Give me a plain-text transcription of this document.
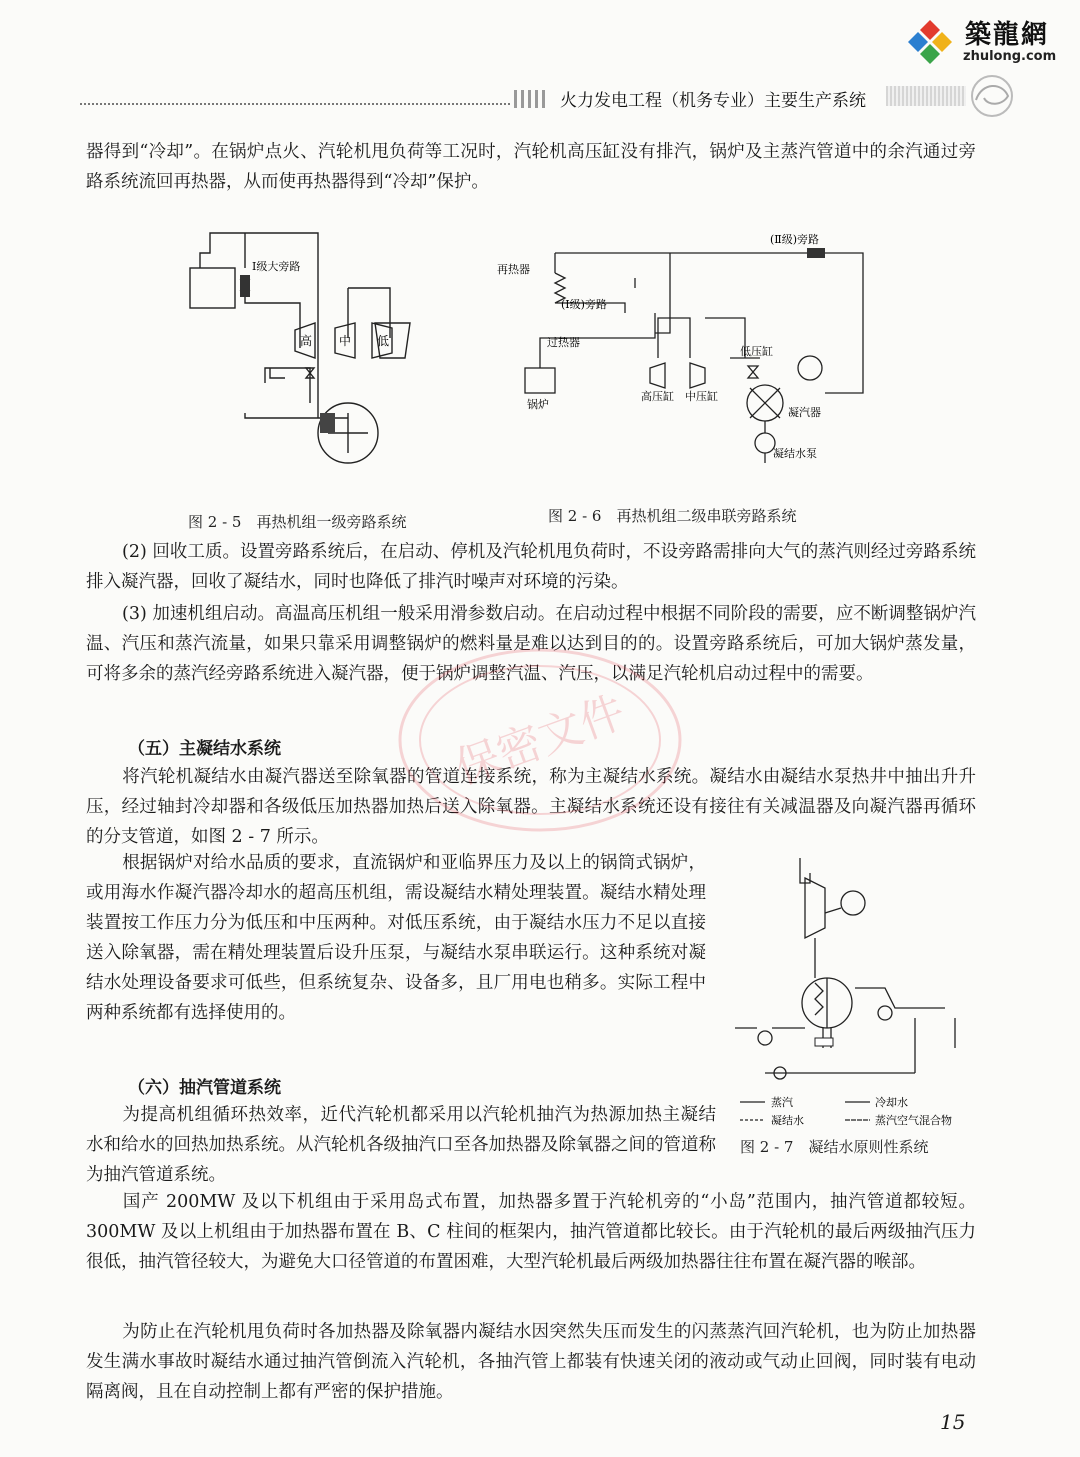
築龍網
zhulong.com
火力发电工程（机务专业）主要生产系统
器得到“冷却”。在锅炉点火、汽轮机甩负荷等工况时，汽轮机高压缸没有排汽，锅炉及主蒸汽管道中的余汽通过旁路系统流回再热器，从而使再热器得到“冷却”保护。
Ⅰ级大旁路
高 中 低
图 2 - 5　再热机组一级旁路系统
(Ⅱ级)旁路
再热器
(Ⅰ级)旁路
过热器
锅炉
高压缸 中压缸
低压缸
凝汽器
凝结水泵
图 2 - 6　再热机组二级串联旁路系统
(2) 回收工质。设置旁路系统后，在启动、停机及汽轮机甩负荷时，不设旁路需排向大气的蒸汽则经过旁路系统排入凝汽器，回收了凝结水，同时也降低了排汽时噪声对环境的污染。
(3) 加速机组启动。高温高压机组一般采用滑参数启动。在启动过程中根据不同阶段的需要，应不断调整锅炉汽温、汽压和蒸汽流量，如果只靠采用调整锅炉的燃料量是难以达到目的的。设置旁路系统后，可加大锅炉蒸发量，可将多余的蒸汽经旁路系统进入凝汽器，便于锅炉调整汽温、汽压，以满足汽轮机启动过程中的需要。
（五）主凝结水系统
将汽轮机凝结水由凝汽器送至除氧器的管道连接系统，称为主凝结水系统。凝结水由凝结水泵热井中抽出升升压，经过轴封冷却器和各级低压加热器加热后送入除氧器。主凝结水系统还设有接往有关减温器及向凝汽器再循环的分支管道，如图 2 - 7 所示。
根据锅炉对给水品质的要求，直流锅炉和亚临界压力及以上的锅筒式锅炉，或用海水作凝汽器冷却水的超高压机组，需设凝结水精处理装置。凝结水精处理装置按工作压力分为低压和中压两种。对低压系统，由于凝结水压力不足以直接送入除氧器，需在精处理装置后设升压泵，与凝结水泵串联运行。这种系统对凝结水处理设备要求可低些，但系统复杂、设备多，且厂用电也稍多。实际工程中两种系统都有选择使用的。
蒸汽
凝结水
冷却水
蒸汽空气混合物
图 2 - 7　凝结水原则性系统
（六）抽汽管道系统
为提高机组循环热效率，近代汽轮机都采用以汽轮机抽汽为热源加热主凝结水和给水的回热加热系统。从汽轮机各级抽汽口至各加热器及除氧器之间的管道称为抽汽管道系统。
国产 200MW 及以下机组由于采用岛式布置，加热器多置于汽轮机旁的“小岛”范围内，抽汽管道都较短。300MW 及以上机组由于加热器布置在 B、C 柱间的框架内，抽汽管道都比较长。由于汽轮机的最后两级抽汽压力很低，抽汽管径较大，为避免大口径管道的布置困难，大型汽轮机最后两级加热器往往布置在凝汽器的喉部。
为防止在汽轮机甩负荷时各加热器及除氧器内凝结水因突然失压而发生的闪蒸蒸汽回汽轮机，也为防止加热器发生满水事故时凝结水通过抽汽管倒流入汽轮机，各抽汽管上都装有快速关闭的液动或气动止回阀，同时装有电动隔离阀，且在自动控制上都有严密的保护措施。
保密文件
15
